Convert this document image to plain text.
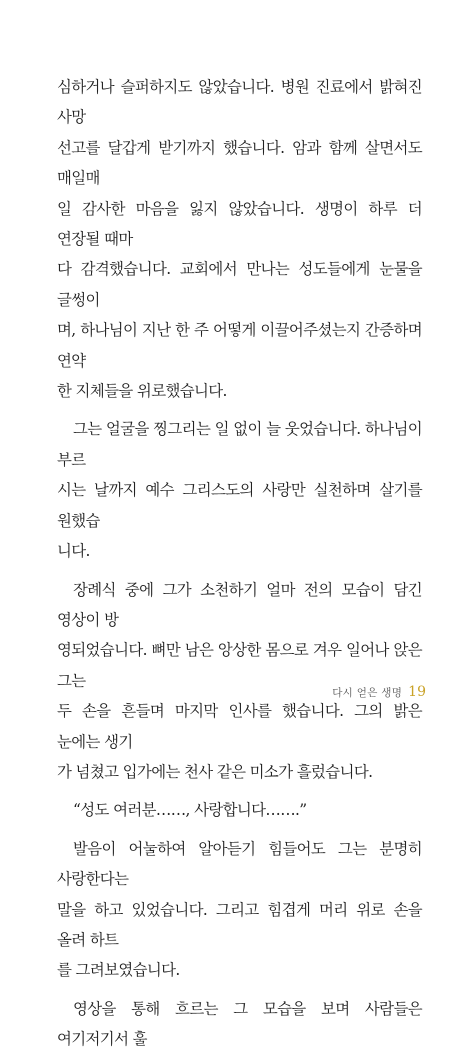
심하거나 슬퍼하지도 않았습니다. 병원 진료에서 밝혀진 사망
선고를 달갑게 받기까지 했습니다. 암과 함께 살면서도 매일매
일 감사한 마음을 잃지 않았습니다. 생명이 하루 더 연장될 때마
다 감격했습니다. 교회에서 만나는 성도들에게 눈물을 글썽이
며, 하나님이 지난 한 주 어떻게 이끌어주셨는지 간증하며 연약
한 지체들을 위로했습니다.

그는 얼굴을 찡그리는 일 없이 늘 웃었습니다. 하나님이 부르
시는 날까지 예수 그리스도의 사랑만 실천하며 살기를 원했습
니다.

장례식 중에 그가 소천하기 얼마 전의 모습이 담긴 영상이 방
영되었습니다. 뼈만 남은 앙상한 몸으로 겨우 일어나 앉은 그는
두 손을 흔들며 마지막 인사를 했습니다. 그의 밝은 눈에는 생기
가 넘쳤고 입가에는 천사 같은 미소가 흘렀습니다.

“성도 여러분……, 사랑합니다…….”

발음이 어눌하여 알아듣기 힘들어도 그는 분명히 사랑한다는
말을 하고 있었습니다. 그리고 힘겹게 머리 위로 손을 올려 하트
를 그려보였습니다.

영상을 통해 흐르는 그 모습을 보며 사람들은 여기저기서 훌

다시 얻은 생명 19
